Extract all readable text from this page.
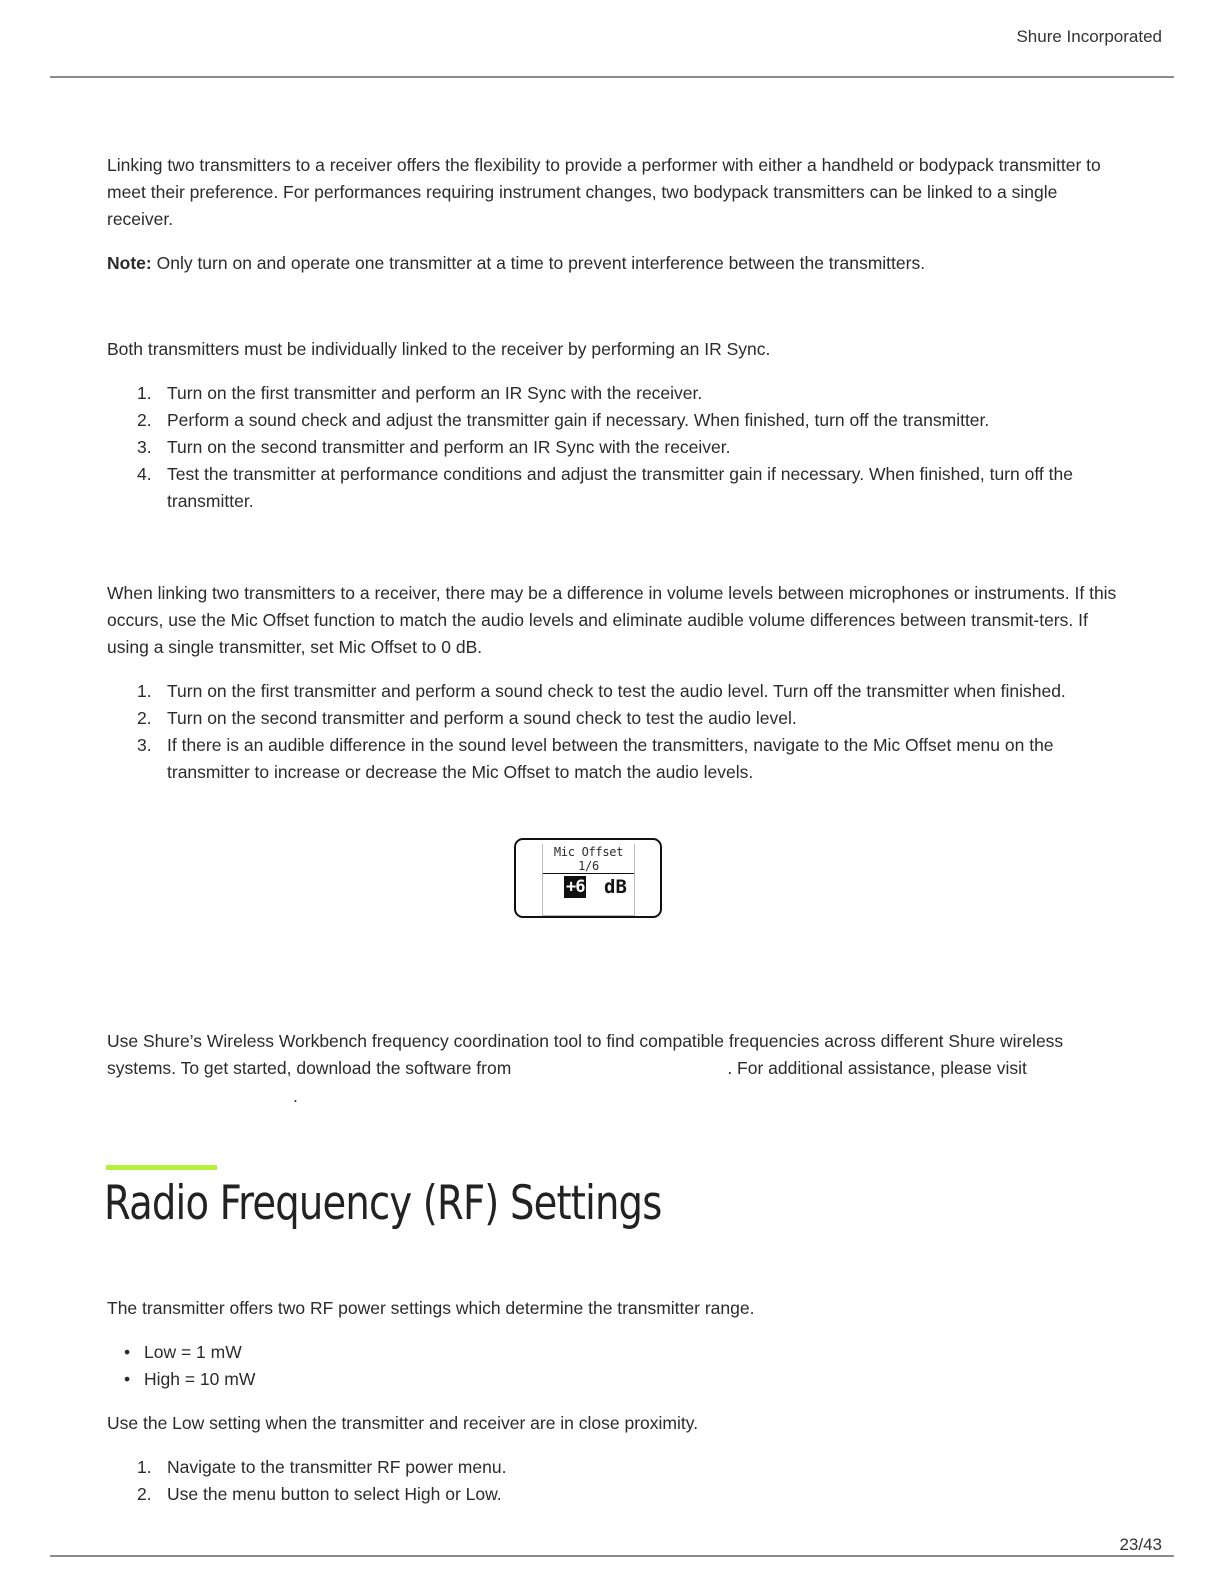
Shure Incorporated

Linking two transmitters to a receiver offers the flexibility to provide a performer with either a handheld or bodypack transmitter to meet their preference. For performances requiring instrument changes, two bodypack transmitters can be linked to a single receiver.

Note: Only turn on and operate one transmitter at a time to prevent interference between the transmitters.

Both transmitters must be individually linked to the receiver by performing an IR Sync.

1. Turn on the first transmitter and perform an IR Sync with the receiver.
2. Perform a sound check and adjust the transmitter gain if necessary. When finished, turn off the transmitter.
3. Turn on the second transmitter and perform an IR Sync with the receiver.
4. Test the transmitter at performance conditions and adjust the transmitter gain if necessary. When finished, turn off the transmitter.

When linking two transmitters to a receiver, there may be a difference in volume levels between microphones or instruments. If this occurs, use the Mic Offset function to match the audio levels and eliminate audible volume differences between transmit-ters. If using a single transmitter, set Mic Offset to 0 dB.

1. Turn on the first transmitter and perform a sound check to test the audio level. Turn off the transmitter when finished.
2. Turn on the second transmitter and perform a sound check to test the audio level.
3. If there is an audible difference in the sound level between the transmitters, navigate to the Mic Offset menu on the transmitter to increase or decrease the Mic Offset to match the audio levels.
Mic Offset 1/6
+6 dB

Use Shure’s Wireless Workbench frequency coordination tool to find compatible frequencies across different Shure wireless

systems. To get started, download the software from	. For additional assistance, please visit

.
Radio Frequency (RF) Settings

The transmitter offers two RF power settings which determine the transmitter range.

• Low = 1 mW
• High = 10 mW

Use the Low setting when the transmitter and receiver are in close proximity.

1. Navigate to the transmitter RF power menu.
2. Use the menu button to select High or Low.
23/43
